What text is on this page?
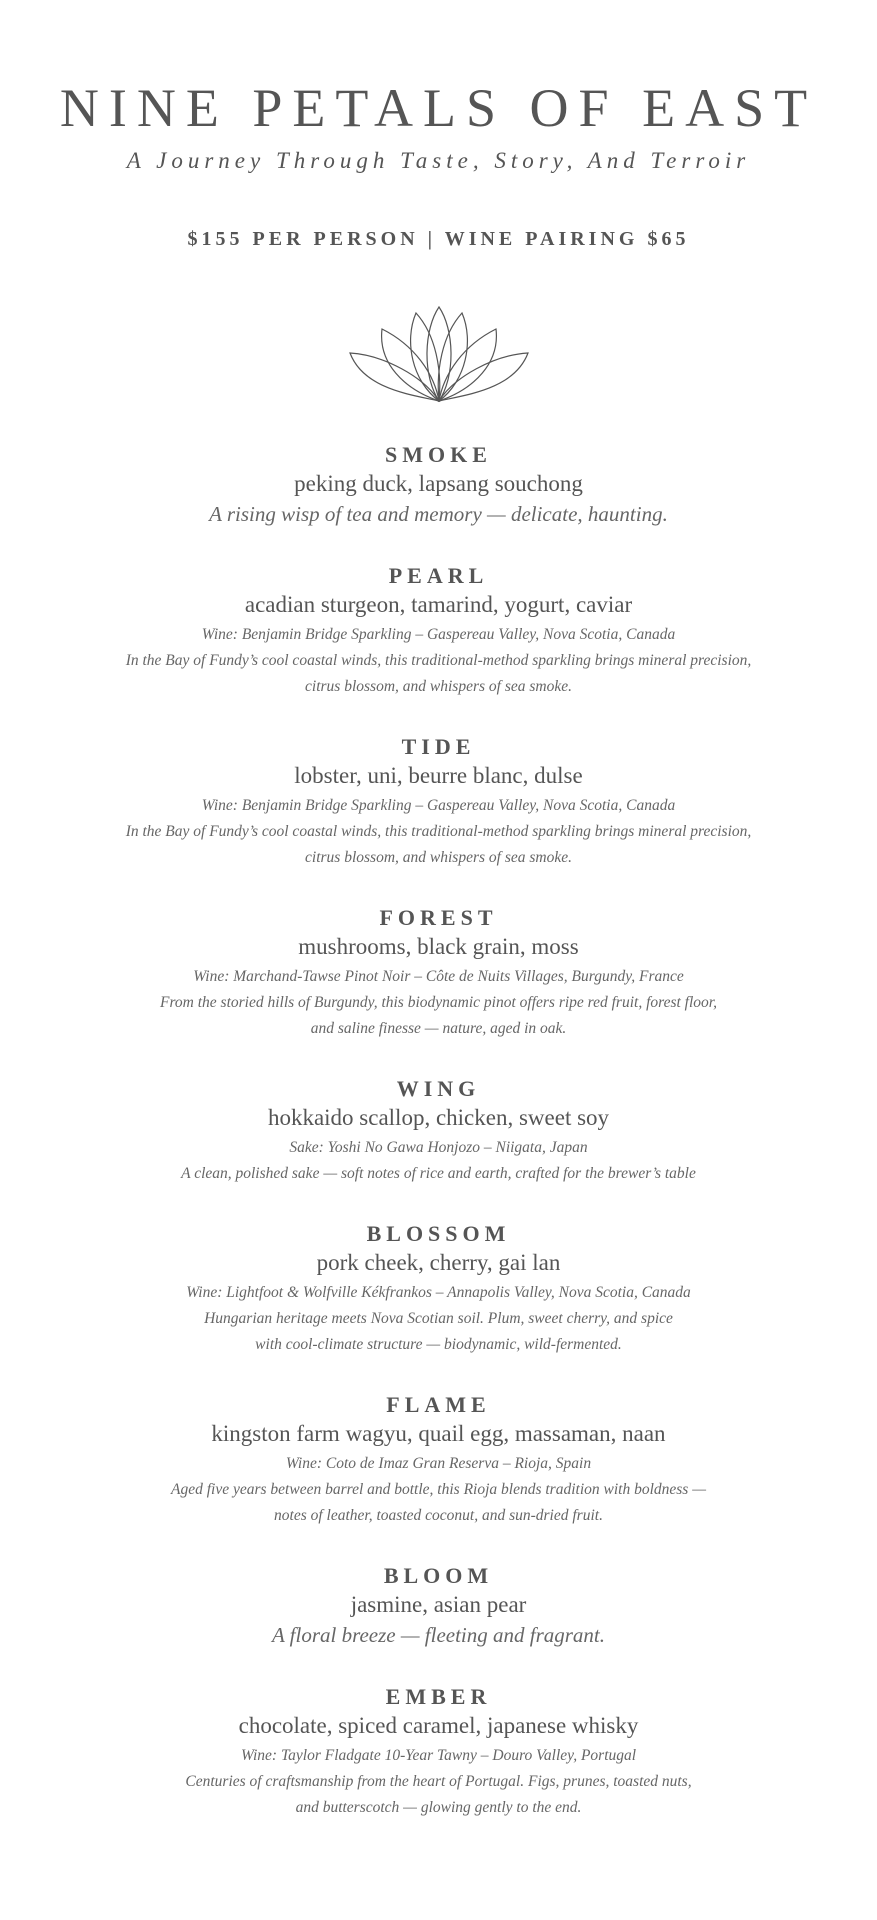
NINE PETALS OF EAST
A Journey Through Taste, Story, And Terroir
$155 PER PERSON | WINE PAIRING $65
SMOKE
peking duck, lapsang souchong
A rising wisp of tea and memory — delicate, haunting.
PEARL
acadian sturgeon, tamarind, yogurt, caviar
Wine: Benjamin Bridge Sparkling – Gaspereau Valley, Nova Scotia, Canada
In the Bay of Fundy’s cool coastal winds, this traditional-method sparkling brings mineral precision,
citrus blossom, and whispers of sea smoke.
TIDE
lobster, uni, beurre blanc, dulse
Wine: Benjamin Bridge Sparkling – Gaspereau Valley, Nova Scotia, Canada
In the Bay of Fundy’s cool coastal winds, this traditional-method sparkling brings mineral precision,
citrus blossom, and whispers of sea smoke.
FOREST
mushrooms, black grain, moss
Wine: Marchand-Tawse Pinot Noir – Côte de Nuits Villages, Burgundy, France
From the storied hills of Burgundy, this biodynamic pinot offers ripe red fruit, forest floor,
and saline finesse — nature, aged in oak.
WING
hokkaido scallop, chicken, sweet soy
Sake: Yoshi No Gawa Honjozo – Niigata, Japan
A clean, polished sake — soft notes of rice and earth, crafted for the brewer’s table
BLOSSOM
pork cheek, cherry, gai lan
Wine: Lightfoot & Wolfville Kékfrankos – Annapolis Valley, Nova Scotia, Canada
Hungarian heritage meets Nova Scotian soil. Plum, sweet cherry, and spice
with cool-climate structure — biodynamic, wild-fermented.
FLAME
kingston farm wagyu, quail egg, massaman, naan
Wine: Coto de Imaz Gran Reserva – Rioja, Spain
Aged five years between barrel and bottle, this Rioja blends tradition with boldness —
notes of leather, toasted coconut, and sun-dried fruit.
BLOOM
jasmine, asian pear
A floral breeze — fleeting and fragrant.
EMBER
chocolate, spiced caramel, japanese whisky
Wine: Taylor Fladgate 10-Year Tawny – Douro Valley, Portugal
Centuries of craftsmanship from the heart of Portugal. Figs, prunes, toasted nuts,
and butterscotch — glowing gently to the end.
